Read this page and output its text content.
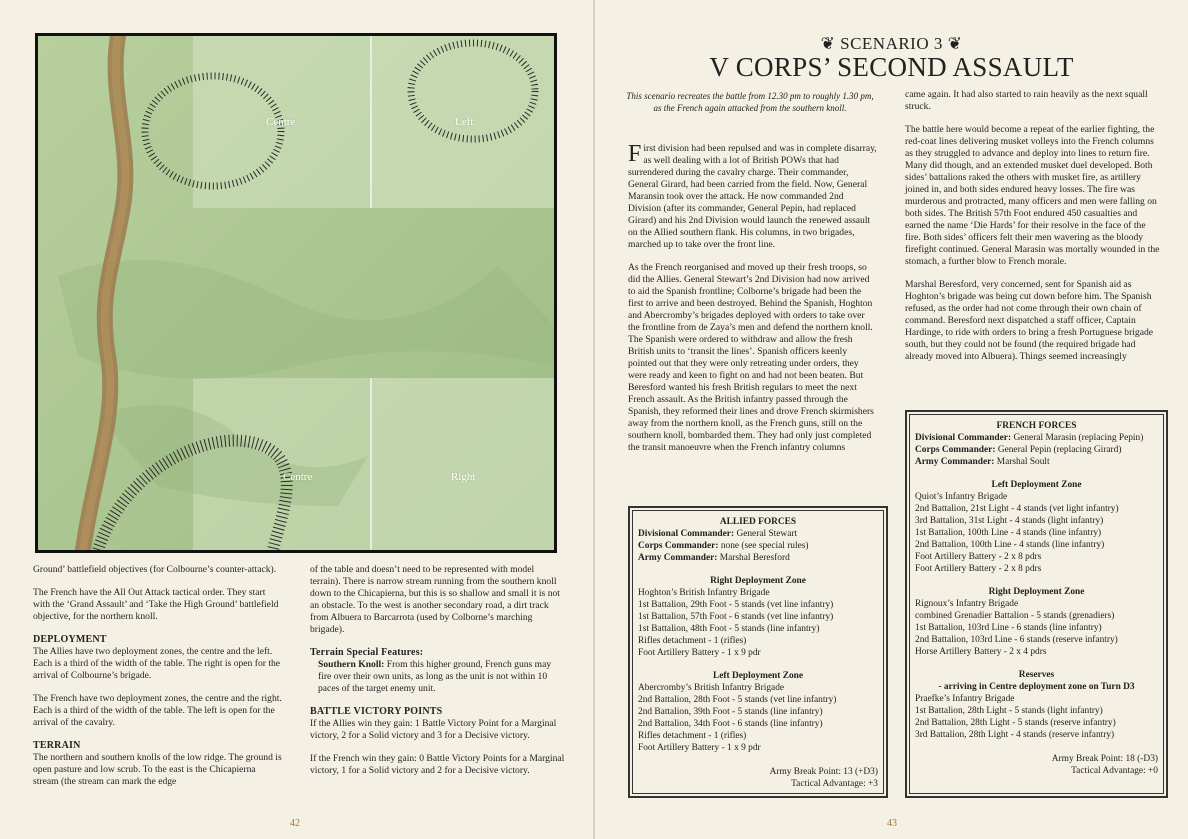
Centre	Left
Centre	Right

Ground’ battlefield objectives (for Colbourne’s counter-attack).

The French have the All Out Attack tactical order. They start with the ‘Grand Assault’ and ‘Take the High Ground’ battlefield objective, for the northern knoll.

DEPLOYMENT

The Allies have two deployment zones, the centre and the left. Each is a third of the width of the table. The right is open for the arrival of Colbourne’s brigade.

The French have two deployment zones, the centre and the right. Each is a third of the width of the table. The left is open for the arrival of the cavalry.

TERRAIN

The northern and southern knolls of the low ridge. The ground is open pasture and low scrub. To the east is the Chicapierna stream (the stream can mark the edge

of the table and doesn’t need to be represented with model terrain). There is narrow stream running from the southern knoll down to the Chicapierna, but this is so shallow and small it is not an obstacle. To the west is another secondary road, a dirt track from Albuera to Barcarrota (used by Colborne’s marching brigade).

Terrain Special Features:

Southern Knoll: From this higher ground, French guns may fire over their own units, as long as the unit is not within 10 paces of the target enemy unit.

BATTLE VICTORY POINTS

If the Allies win they gain: 1 Battle Victory Point for a Marginal victory, 2 for a Solid victory and 3 for a Decisive victory.

If the French win they gain: 0 Battle Victory Points for a Marginal victory, 1 for a Solid victory and 2 for a Decisive victory.

42
❦ SCENARIO 3 ❦
V CORPS’ SECOND ASSAULT
This scenario recreates the battle from 12.30 pm to roughly 1.30 pm, as the French again attacked from the southern knoll.

First division had been repulsed and was in complete disarray, as well dealing with a lot of British POWs that had surrendered during the cavalry charge. Their commander, General Girard, had been carried from the field. Now, General Maransin took over the attack. He now commanded 2nd Division (after its commander, General Pepin, had replaced Girard) and his 2nd Division would launch the renewed assault on the Allied southern flank. His columns, in two brigades, marched up to take over the front line.

As the French reorganised and moved up their fresh troops, so did the Allies. General Stewart’s 2nd Division had now arrived to aid the Spanish frontline; Colborne’s brigade had been the first to arrive and been destroyed. Behind the Spanish, Hoghton and Abercromby’s brigades deployed with orders to take over the frontline from de Zaya’s men and defend the northern knoll. The Spanish were ordered to withdraw and allow the fresh British units to ‘transit the lines’. Spanish officers keenly pointed out that they were only retreating under orders, they were ready and keen to fight on and had not been beaten. But Beresford wanted his fresh British regulars to meet the next French assault. As the British infantry passed through the Spanish, they reformed their lines and drove French skirmishers away from the northern knoll, as the French guns, still on the southern knoll, bombarded them. They had only just completed the transit manoeuvre when the French infantry columns

came again. It had also started to rain heavily as the next squall struck.

The battle here would become a repeat of the earlier fighting, the red-coat lines delivering musket volleys into the French columns as they struggled to advance and deploy into lines to return fire. Many did though, and an extended musket duel developed. Both sides’ battalions raked the others with musket fire, as artillery joined in, and both sides endured heavy losses. The fire was murderous and protracted, many officers and men were falling on both sides. The British 57th Foot endured 450 casualties and earned the name ‘Die Hards’ for their resolve in the face of the fire. Both sides’ officers felt their men wavering as the bloody firefight continued. General Marasin was mortally wounded in the stomach, a further blow to French morale.

Marshal Beresford, very concerned, sent for Spanish aid as Hoghton’s brigade was being cut down before him. The Spanish refused, as the order had not come through their own chain of command. Beresford next dispatched a staff officer, Captain Hardinge, to ride with orders to bring a fresh Portuguese brigade south, but they could not be found (the required brigade had already moved into Albuera). Things seemed increasingly

ALLIED FORCES
Divisional Commander: General Stewart
Corps Commander: none (see special rules)
Army Commander: Marshal Beresford
Right Deployment Zone
Hoghton’s British Infantry Brigade
1st Battalion, 29th Foot - 5 stands (vet line infantry)
1st Battalion, 57th Foot - 6 stands (vet line infantry)
1st Battalion, 48th Foot - 5 stands (line infantry)
Rifles detachment - 1 (rifles)
Foot Artillery Battery - 1 x 9 pdr
Left Deployment Zone
Abercromby’s British Infantry Brigade
2nd Battalion, 28th Foot - 5 stands (vet line infantry)
2nd Battalion, 39th Foot - 5 stands (line infantry)
2nd Battalion, 34th Foot - 6 stands (line infantry)
Rifles detachment - 1 (rifles)
Foot Artillery Battery - 1 x 9 pdr
Army Break Point: 13 (+D3)
Tactical Advantage: +3
FRENCH FORCES
Divisional Commander: General Marasin (replacing Pepin)
Corps Commander: General Pepin (replacing Girard)
Army Commander: Marshal Soult
Left Deployment Zone
Quiot’s Infantry Brigade
2nd Battalion, 21st Light - 4 stands (vet light infantry)
3rd Battalion, 31st Light - 4 stands (light infantry)
1st Battalion, 100th Line - 4 stands (line infantry)
2nd Battalion, 100th Line - 4 stands (line infantry)
Foot Artillery Battery - 2 x 8 pdrs
Foot Artillery Battery - 2 x 8 pdrs
Right Deployment Zone
Rignoux’s Infantry Brigade
combined Grenadier Battalion - 5 stands (grenadiers)
1st Battalion, 103rd Line - 6 stands (line infantry)
2nd Battalion, 103rd Line - 6 stands (reserve infantry)
Horse Artillery Battery - 2 x 4 pdrs
Reserves
- arriving in Centre deployment zone on Turn D3
Praefke’s Infantry Brigade
1st Battalion, 28th Light - 5 stands (light infantry)
2nd Battalion, 28th Light - 5 stands (reserve infantry)
3rd Battalion, 28th Light - 4 stands (reserve infantry)
Army Break Point: 18 (-D3)
Tactical Advantage: +0
43
